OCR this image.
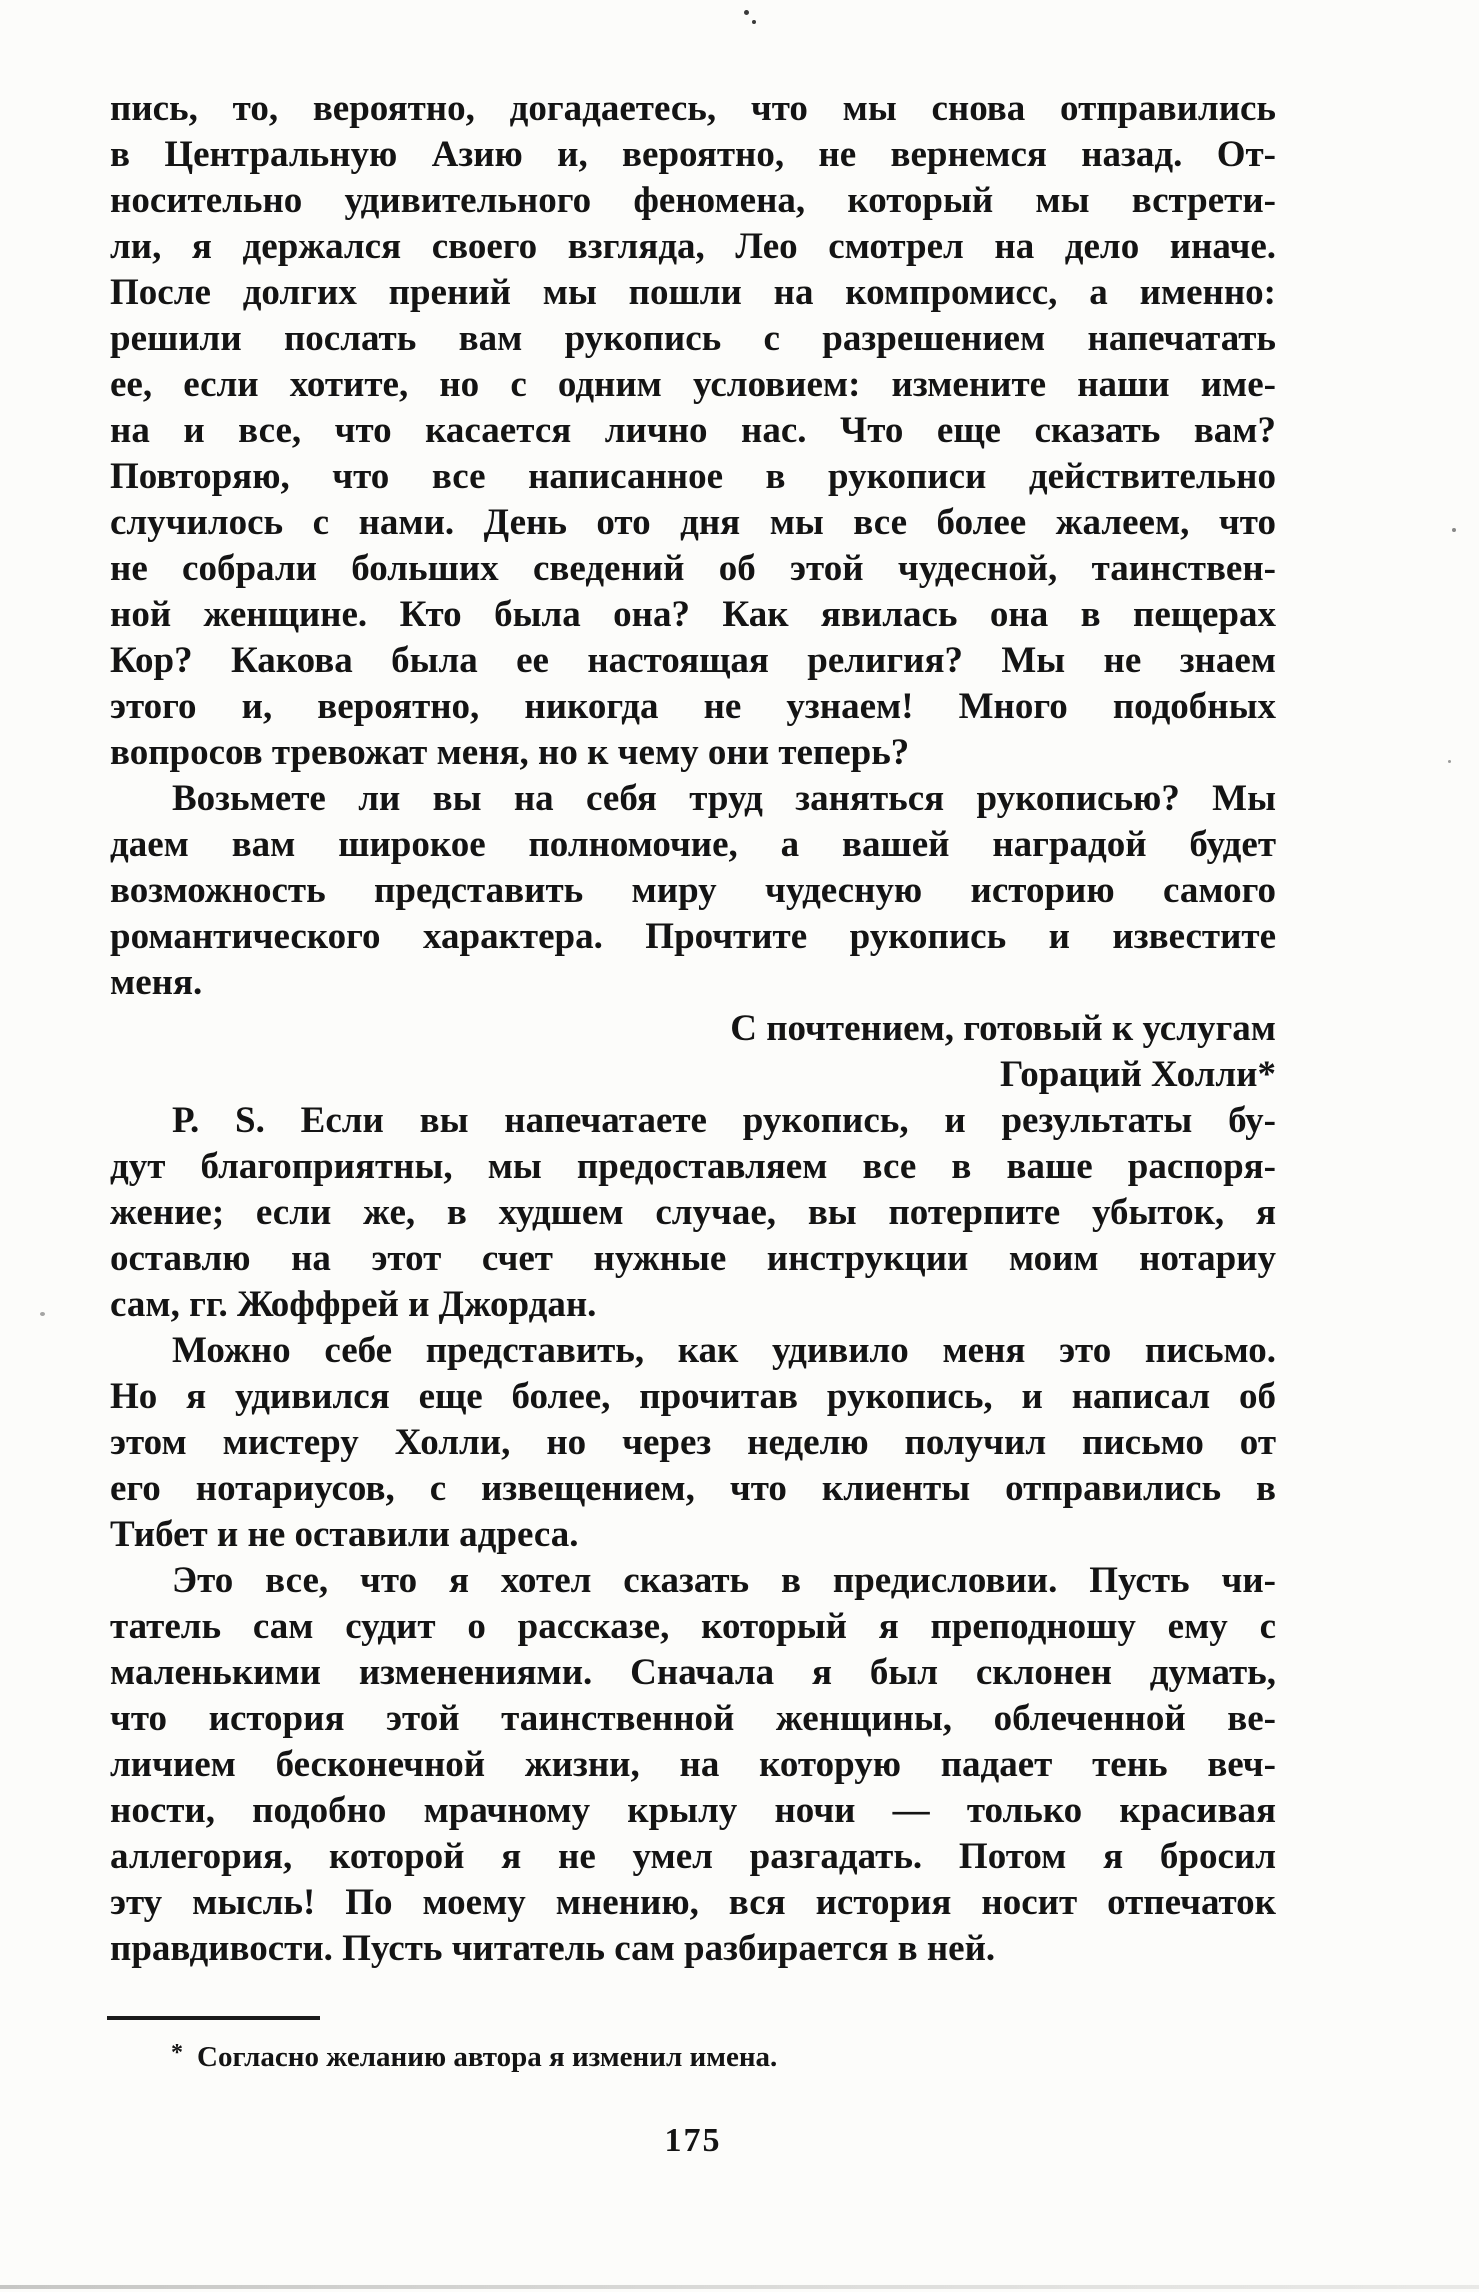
пись, то, вероятно, догадаетесь, что мы снова отправились
в Центральную Азию и, вероятно, не вернемся назад. От-
носительно удивительного феномена, который мы встрети-
ли, я держался своего взгляда, Лео смотрел на дело иначе.
После долгих прений мы пошли на компромисс, а именно:
решили послать вам рукопись с разрешением напечатать
ее, если хотите, но с одним условием: измените наши име-
на и все, что касается лично нас. Что еще сказать вам?
Повторяю, что все написанное в рукописи действительно
случилось с нами. День ото дня мы все более жалеем, что
не собрали больших сведений об этой чудесной, таинствен-
ной женщине. Кто была она? Как явилась она в пещерах
Кор? Какова была ее настоящая религия? Мы не знаем
этого и, вероятно, никогда не узнаем! Много подобных
вопросов тревожат меня, но к чему они теперь?
Возьмете ли вы на себя труд заняться рукописью? Мы
даем вам широкое полномочие, а вашей наградой будет
возможность представить миру чудесную историю самого
романтического характера. Прочтите рукопись и известите
меня.
С почтением, готовый к услугам
Гораций Холли*
Р. S. Если вы напечатаете рукопись, и результаты бу-
дут благоприятны, мы предоставляем все в ваше распоря-
жение; если же, в худшем случае, вы потерпите убыток, я
оставлю на этот счет нужные инструкции моим нотариу
сам, гг. Жоффрей и Джордан.
Можно себе представить, как удивило меня это письмо.
Но я удивился еще более, прочитав рукопись, и написал об
этом мистеру Холли, но через неделю получил письмо от
его нотариусов, с извещением, что клиенты отправились в
Тибет и не оставили адреса.
Это все, что я хотел сказать в предисловии. Пусть чи-
татель сам судит о рассказе, который я преподношу ему с
маленькими изменениями. Сначала я был склонен думать,
что история этой таинственной женщины, облеченной ве-
личием бесконечной жизни, на которую падает тень веч-
ности, подобно мрачному крылу ночи — только красивая
аллегория, которой я не умел разгадать. Потом я бросил
эту мысль! По моему мнению, вся история носит отпечаток
правдивости. Пусть читатель сам разбирается в ней.
* Согласно желанию автора я изменил имена.
175
